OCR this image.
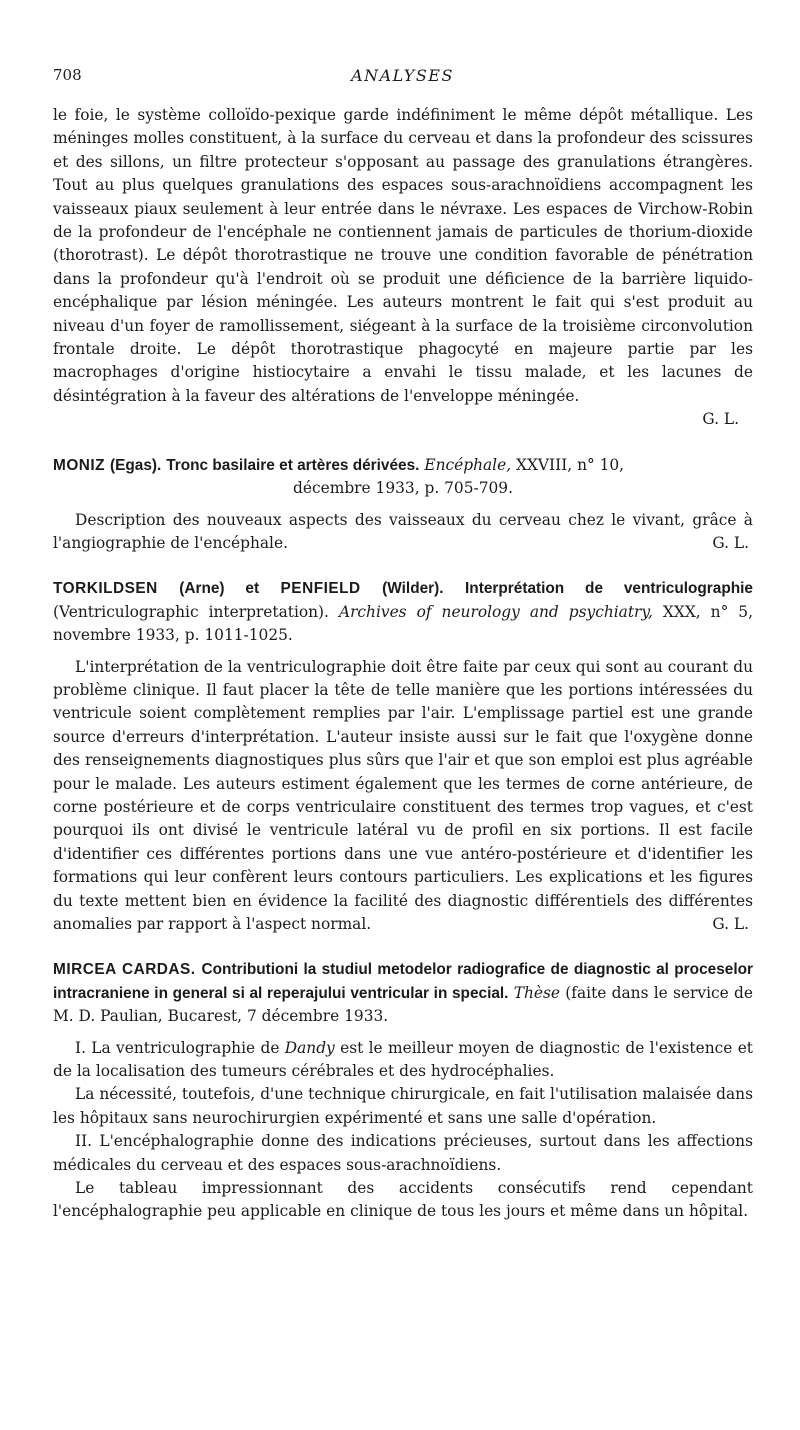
708	ANALYSES

le foie, le système colloïdo-pexique garde indéfiniment le même dépôt métallique. Les méninges molles constituent, à la surface du cerveau et dans la profondeur des scissures et des sillons, un filtre protecteur s'opposant au passage des granulations étrangères. Tout au plus quelques granulations des espaces sous-arachnoïdiens accompagnent les vaisseaux piaux seulement à leur entrée dans le névraxe. Les espaces de Virchow-Robin de la profondeur de l'encéphale ne contiennent jamais de particules de thorium-dioxide (thorotrast). Le dépôt thorotrastique ne trouve une condition favorable de pénétration dans la profondeur qu'à l'endroit où se produit une déficience de la barrière liquido-encéphalique par lésion méningée. Les auteurs montrent le fait qui s'est produit au niveau d'un foyer de ramollissement, siégeant à la surface de la troisième circonvolution frontale droite. Le dépôt thorotrastique phagocyté en majeure partie par les macrophages d'origine histiocytaire a envahi le tissu malade, et les lacunes de désintégration à la faveur des altérations de l'enveloppe méningée.

G. L.

MONIZ (Egas). Tronc basilaire et artères dérivées. Encéphale, XXVIII, n° 10,

décembre 1933, p. 705-709.

Description des nouveaux aspects des vaisseaux du cerveau chez le vivant, grâce à l'angiographie de l'encéphale.	G. L.

TORKILDSEN (Arne) et PENFIELD (Wilder). Interprétation de ventriculographie (Ventriculographic interpretation). Archives of neurology and psychiatry, XXX, n° 5, novembre 1933, p. 1011-1025.

L'interprétation de la ventriculographie doit être faite par ceux qui sont au courant du problème clinique. Il faut placer la tête de telle manière que les portions intéressées du ventricule soient complètement remplies par l'air. L'emplissage partiel est une grande source d'erreurs d'interprétation. L'auteur insiste aussi sur le fait que l'oxygène donne des renseignements diagnostiques plus sûrs que l'air et que son emploi est plus agréable pour le malade. Les auteurs estiment également que les termes de corne antérieure, de corne postérieure et de corps ventriculaire constituent des termes trop vagues, et c'est pourquoi ils ont divisé le ventricule latéral vu de profil en six portions. Il est facile d'identifier ces différentes portions dans une vue antéro-postérieure et d'identifier les formations qui leur confèrent leurs contours particuliers. Les explications et les figures du texte mettent bien en évidence la facilité des diagnostic différentiels des différentes anomalies par rapport à l'aspect normal.	G. L.

MIRCEA CARDAS. Contributioni la studiul metodelor radiografice de diagnostic al proceselor intracraniene in general si al reperajului ventricular in special. Thèse (faite dans le service de M. D. Paulian, Bucarest, 7 décembre 1933.

I. La ventriculographie de Dandy est le meilleur moyen de diagnostic de l'existence et de la localisation des tumeurs cérébrales et des hydrocéphalies.

La nécessité, toutefois, d'une technique chirurgicale, en fait l'utilisation malaisée dans les hôpitaux sans neurochirurgien expérimenté et sans une salle d'opération.

II. L'encéphalographie donne des indications précieuses, surtout dans les affections médicales du cerveau et des espaces sous-arachnoïdiens.

Le tableau impressionnant des accidents consécutifs rend cependant l'encéphalographie peu applicable en clinique de tous les jours et même dans un hôpital.
